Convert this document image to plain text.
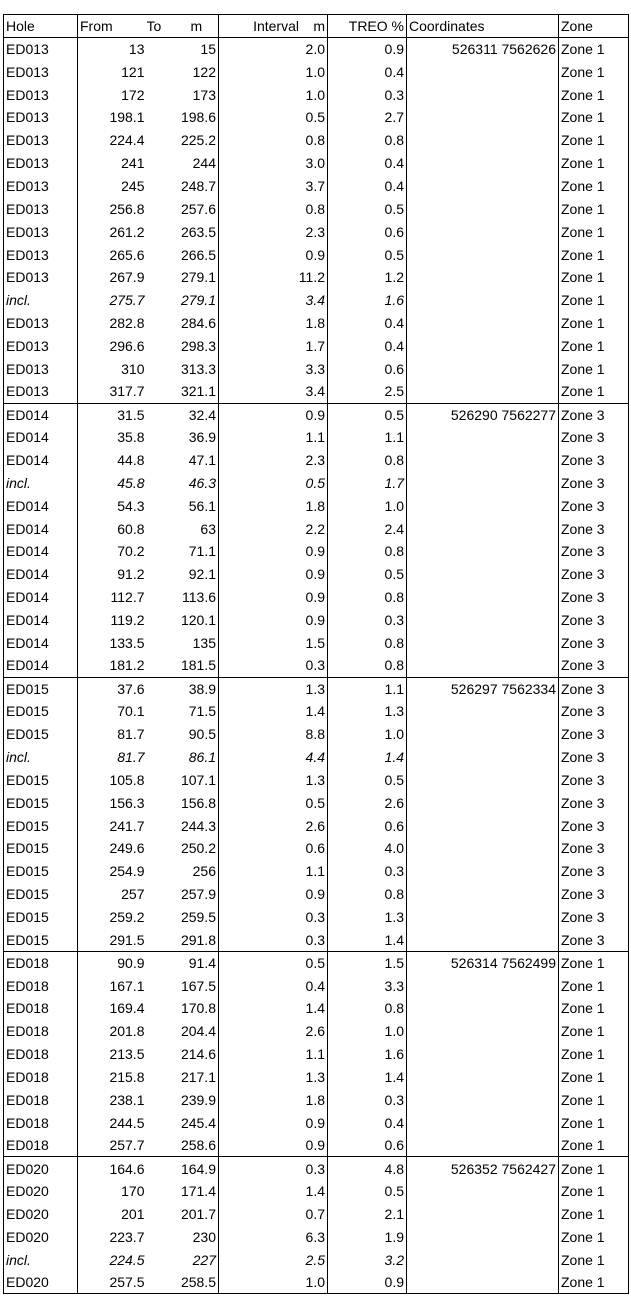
Hole	From	To m	Interval m	TREO %	Coordinates	Zone
ED013	13	15	2.0	0.9	526311 7562626	Zone 1
ED013	121	122	1.0	0.4		Zone 1
ED013	172	173	1.0	0.3		Zone 1
ED013	198.1	198.6	0.5	2.7		Zone 1
ED013	224.4	225.2	0.8	0.8		Zone 1
ED013	241	244	3.0	0.4		Zone 1
ED013	245	248.7	3.7	0.4		Zone 1
ED013	256.8	257.6	0.8	0.5		Zone 1
ED013	261.2	263.5	2.3	0.6		Zone 1
ED013	265.6	266.5	0.9	0.5		Zone 1
ED013	267.9	279.1	11.2	1.2		Zone 1
incl.	275.7	279.1	3.4	1.6		Zone 1
ED013	282.8	284.6	1.8	0.4		Zone 1
ED013	296.6	298.3	1.7	0.4		Zone 1
ED013	310	313.3	3.3	0.6		Zone 1
ED013	317.7	321.1	3.4	2.5		Zone 1
ED014	31.5	32.4	0.9	0.5	526290 7562277	Zone 3
ED014	35.8	36.9	1.1	1.1		Zone 3
ED014	44.8	47.1	2.3	0.8		Zone 3
incl.	45.8	46.3	0.5	1.7		Zone 3
ED014	54.3	56.1	1.8	1.0		Zone 3
ED014	60.8	63	2.2	2.4		Zone 3
ED014	70.2	71.1	0.9	0.8		Zone 3
ED014	91.2	92.1	0.9	0.5		Zone 3
ED014	112.7	113.6	0.9	0.8		Zone 3
ED014	119.2	120.1	0.9	0.3		Zone 3
ED014	133.5	135	1.5	0.8		Zone 3
ED014	181.2	181.5	0.3	0.8		Zone 3
ED015	37.6	38.9	1.3	1.1	526297 7562334	Zone 3
ED015	70.1	71.5	1.4	1.3		Zone 3
ED015	81.7	90.5	8.8	1.0		Zone 3
incl.	81.7	86.1	4.4	1.4		Zone 3
ED015	105.8	107.1	1.3	0.5		Zone 3
ED015	156.3	156.8	0.5	2.6		Zone 3
ED015	241.7	244.3	2.6	0.6		Zone 3
ED015	249.6	250.2	0.6	4.0		Zone 3
ED015	254.9	256	1.1	0.3		Zone 3
ED015	257	257.9	0.9	0.8		Zone 3
ED015	259.2	259.5	0.3	1.3		Zone 3
ED015	291.5	291.8	0.3	1.4		Zone 3
ED018	90.9	91.4	0.5	1.5	526314 7562499	Zone 1
ED018	167.1	167.5	0.4	3.3		Zone 1
ED018	169.4	170.8	1.4	0.8		Zone 1
ED018	201.8	204.4	2.6	1.0		Zone 1
ED018	213.5	214.6	1.1	1.6		Zone 1
ED018	215.8	217.1	1.3	1.4		Zone 1
ED018	238.1	239.9	1.8	0.3		Zone 1
ED018	244.5	245.4	0.9	0.4		Zone 1
ED018	257.7	258.6	0.9	0.6		Zone 1
ED020	164.6	164.9	0.3	4.8	526352 7562427	Zone 1
ED020	170	171.4	1.4	0.5		Zone 1
ED020	201	201.7	0.7	2.1		Zone 1
ED020	223.7	230	6.3	1.9		Zone 1
incl.	224.5	227	2.5	3.2		Zone 1
ED020	257.5	258.5	1.0	0.9		Zone 1
